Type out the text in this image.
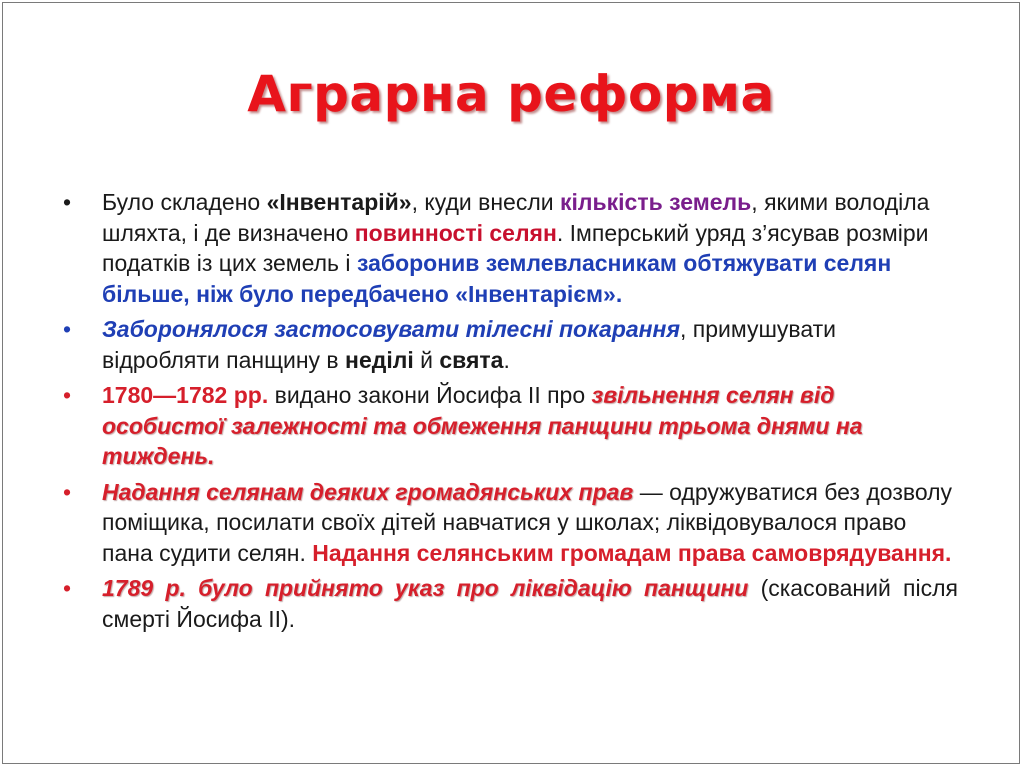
Аграрна реформа
•	Було складено «Інвентарій», куди внесли кількість земель, якими володіла шляхта, і де визначено повинності селян. Імперський уряд з’ясував розміри податків із цих земель і заборонив землевласникам обтяжувати селян більше, ніж було передбачено «Інвентарієм».
•	Заборонялося застосовувати тілесні покарання, примушувати відробляти панщину в неділі й свята.
•	1780—1782 рр. видано закони Йосифа ІІ про звільнення селян від особистої залежності та обмеження панщини трьома днями на тиждень.
•	Надання селянам деяких громадянських прав — одружуватися без дозволу поміщика, посилати своїх дітей навчатися у школах; ліквідовувалося право пана судити селян. Надання селянським громадам права самоврядування.
•	1789 р. було прийнято указ про ліквідацію панщини (скасований після смерті Йосифа ІІ).
